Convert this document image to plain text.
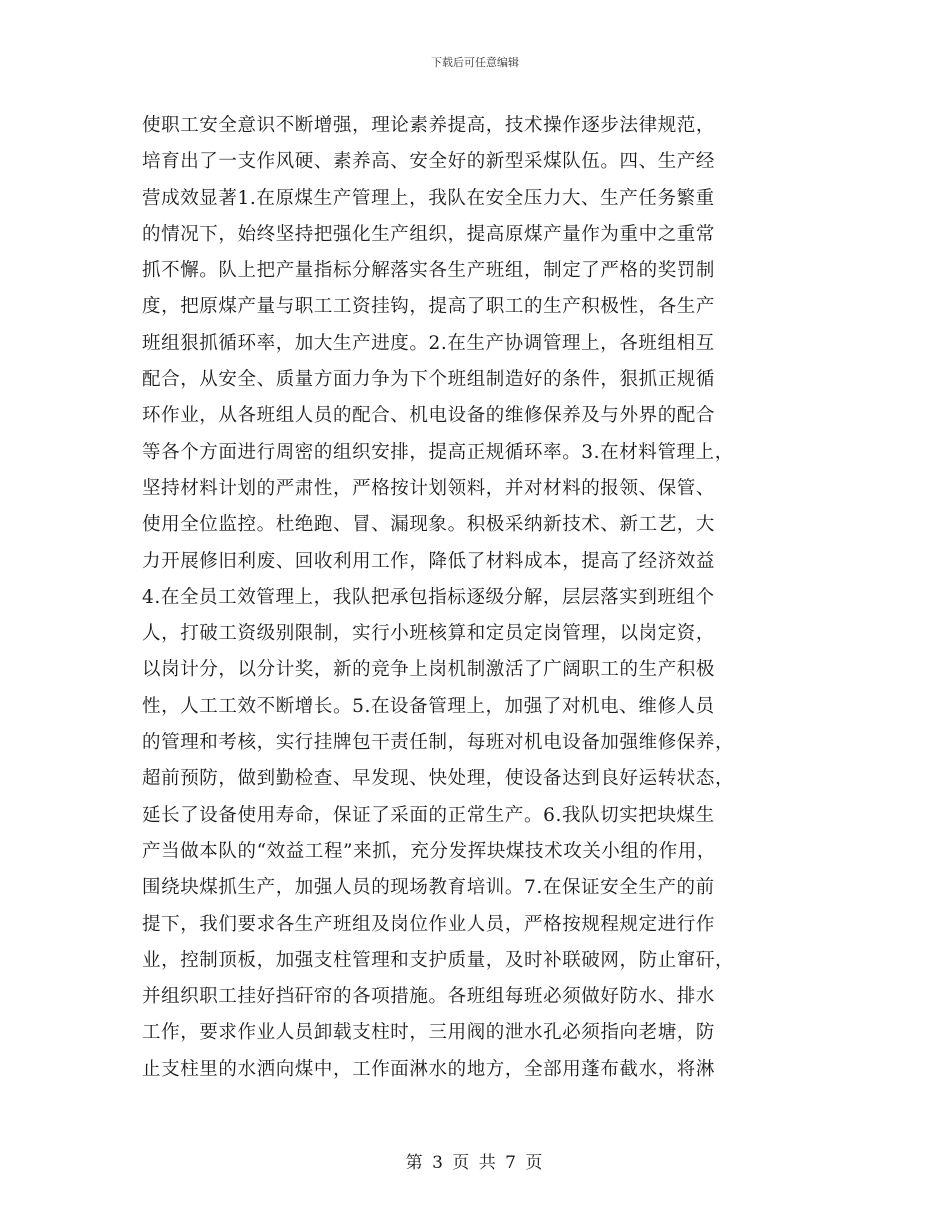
下载后可任意编辑
使职工安全意识不断增强，理论素养提高，技术操作逐步法律规范，
培育出了一支作风硬、素养高、安全好的新型采煤队伍。四、生产经
营成效显著1.在原煤生产管理上，我队在安全压力大、生产任务繁重
的情况下，始终坚持把强化生产组织，提高原煤产量作为重中之重常
抓不懈。队上把产量指标分解落实各生产班组，制定了严格的奖罚制
度，把原煤产量与职工工资挂钩，提高了职工的生产积极性，各生产
班组狠抓循环率，加大生产进度。2.在生产协调管理上，各班组相互
配合，从安全、质量方面力争为下个班组制造好的条件，狠抓正规循
环作业，从各班组人员的配合、机电设备的维修保养及与外界的配合
等各个方面进行周密的组织安排，提高正规循环率。3.在材料管理上，
坚持材料计划的严肃性，严格按计划领料，并对材料的报领、保管、
使用全位监控。杜绝跑、冒、漏现象。积极采纳新技术、新工艺，大
力开展修旧利废、回收利用工作，降低了材料成本，提高了经济效益
4.在全员工效管理上，我队把承包指标逐级分解，层层落实到班组个
人，打破工资级别限制，实行小班核算和定员定岗管理，以岗定资，
以岗计分，以分计奖，新的竞争上岗机制激活了广阔职工的生产积极
性，人工工效不断增长。5.在设备管理上，加强了对机电、维修人员
的管理和考核，实行挂牌包干责任制，每班对机电设备加强维修保养，
超前预防，做到勤检查、早发现、快处理，使设备达到良好运转状态，
延长了设备使用寿命，保证了采面的正常生产。6.我队切实把块煤生
产当做本队的“效益工程”来抓，充分发挥块煤技术攻关小组的作用，
围绕块煤抓生产，加强人员的现场教育培训。7.在保证安全生产的前
提下，我们要求各生产班组及岗位作业人员，严格按规程规定进行作
业，控制顶板，加强支柱管理和支护质量，及时补联破网，防止窜矸，
并组织职工挂好挡矸帘的各项措施。各班组每班必须做好防水、排水
工作，要求作业人员卸载支柱时，三用阀的泄水孔必须指向老塘，防
止支柱里的水洒向煤中，工作面淋水的地方，全部用蓬布截水，将淋
第 3 页 共 7 页
